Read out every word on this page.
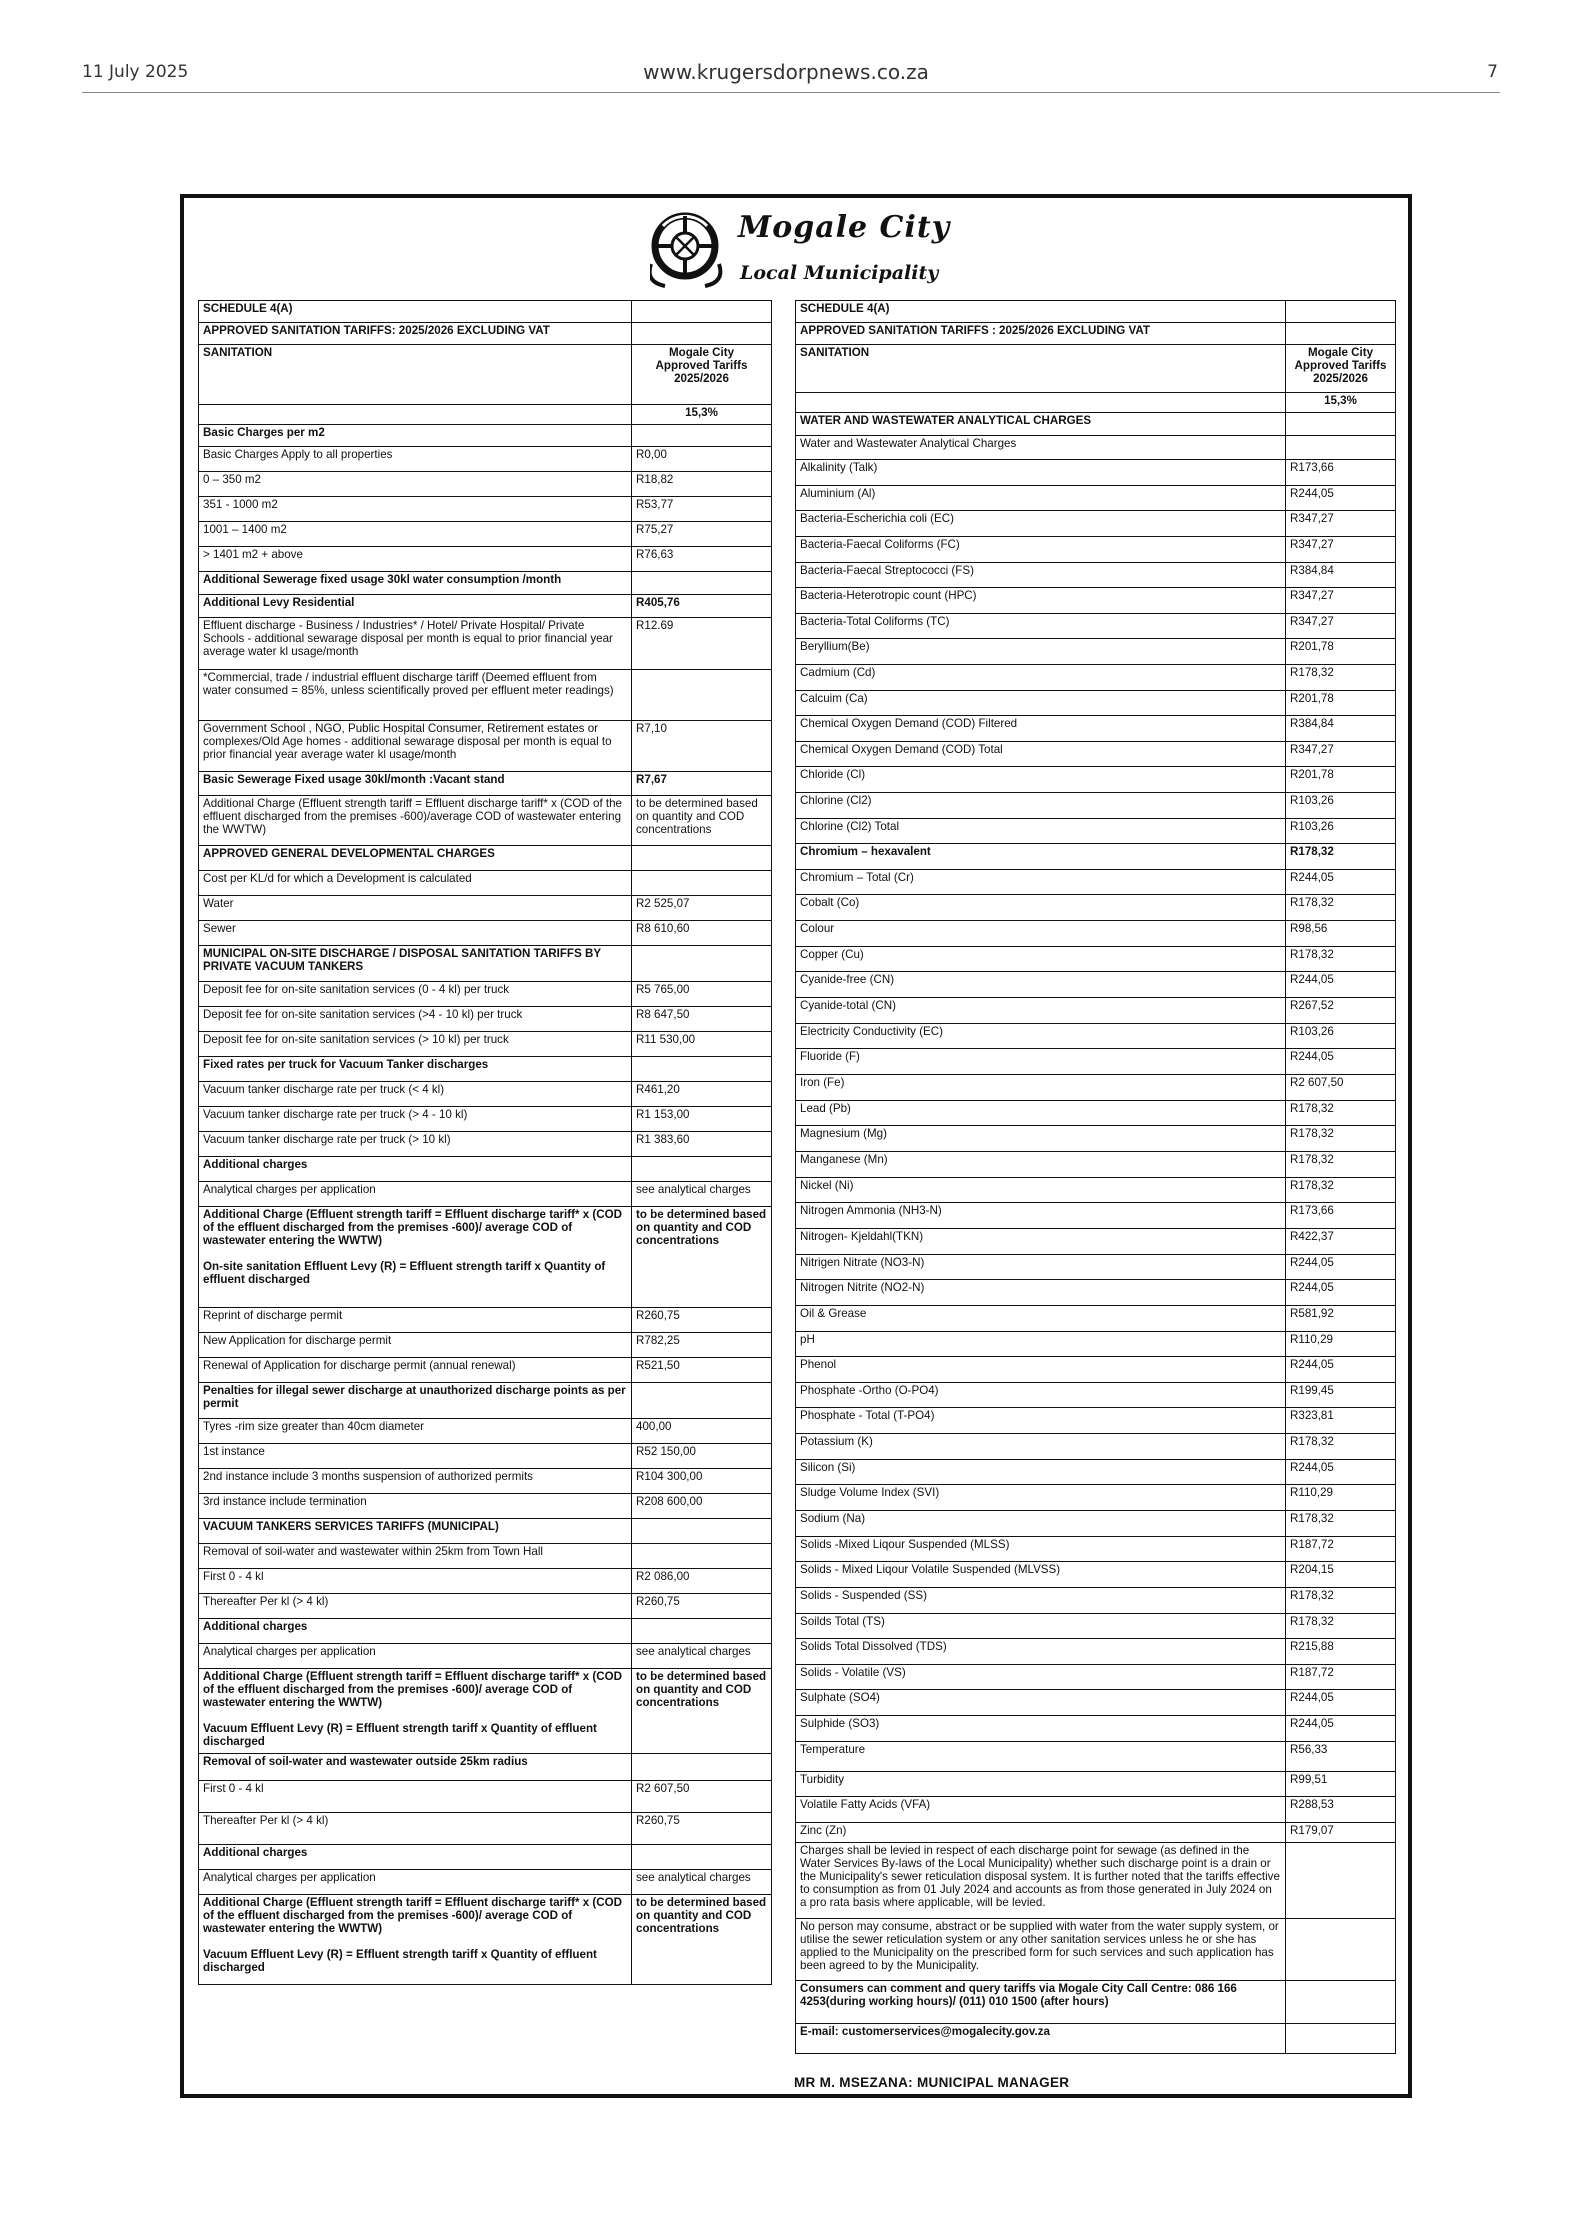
11 July 2025	www.krugersdorpnews.co.za	7
Mogale City
Local Municipality
SCHEDULE 4(A)	
APPROVED SANITATION TARIFFS: 2025/2026 EXCLUDING VAT	
SANITATION	Mogale City
Approved Tariffs
2025/2026
	15,3%
Basic Charges per m2	
Basic Charges Apply to all properties	R0,00
0 – 350 m2	R18,82
351 - 1000 m2	R53,77
1001 – 1400 m2	R75,27
> 1401 m2 + above	R76,63
Additional Sewerage fixed usage 30kl water consumption /month	
Additional Levy Residential	R405,76
Effluent discharge - Business / Industries* / Hotel/ Private Hospital/ Private Schools - additional sewarage disposal per month is equal to prior financial year average water kl usage/month	R12.69
*Commercial, trade / industrial effluent discharge tariff (Deemed effluent from water consumed = 85%, unless scientifically proved per effluent meter readings)	
Government School , NGO, Public Hospital Consumer, Retirement estates or complexes/Old Age homes - additional sewarage disposal per month is equal to prior financial year average water kl usage/month	R7,10
Basic Sewerage Fixed usage 30kl/month :Vacant stand	R7,67
Additional Charge (Effluent strength tariff = Effluent discharge tariff* x (COD of the effluent discharged from the premises -600)/average COD of wastewater entering the WWTW)	to be determined based on quantity and COD concentrations
APPROVED GENERAL DEVELOPMENTAL CHARGES	
Cost per KL/d for which a Development is calculated	
Water	R2 525,07
Sewer	R8 610,60
MUNICIPAL ON-SITE DISCHARGE / DISPOSAL SANITATION TARIFFS BY PRIVATE VACUUM TANKERS	
Deposit fee for on-site sanitation services (0 - 4 kl) per truck	R5 765,00
Deposit fee for on-site sanitation services (>4 - 10 kl) per truck	R8 647,50
Deposit fee for on-site sanitation services (> 10 kl) per truck	R11 530,00
Fixed rates per truck for Vacuum Tanker discharges	
Vacuum tanker discharge rate per truck (< 4 kl)	R461,20
Vacuum tanker discharge rate per truck (> 4 - 10 kl)	R1 153,00
Vacuum tanker discharge rate per truck (> 10 kl)	R1 383,60
Additional charges	
Analytical charges per application	see analytical charges
Additional Charge (Effluent strength tariff = Effluent discharge tariff* x (COD of the effluent discharged from the premises -600)/ average COD of wastewater entering the WWTW)

On-site sanitation Effluent Levy (R) = Effluent strength tariff x Quantity of effluent discharged	to be determined based on quantity and COD concentrations
Reprint of discharge permit	R260,75
New Application for discharge permit	R782,25
Renewal of Application for discharge permit (annual renewal)	R521,50
Penalties for illegal sewer discharge at unauthorized discharge points as per permit	
Tyres -rim size greater than 40cm diameter	400,00
1st instance	R52 150,00
2nd instance include 3 months suspension of authorized permits	R104 300,00
3rd instance include termination	R208 600,00
VACUUM TANKERS SERVICES TARIFFS (MUNICIPAL)	
Removal of soil-water and wastewater within 25km from Town Hall	
First 0 - 4 kl	R2 086,00
Thereafter Per kl (> 4 kl)	R260,75
Additional charges	
Analytical charges per application	see analytical charges
Additional Charge (Effluent strength tariff = Effluent discharge tariff* x (COD of the effluent discharged from the premises -600)/ average COD of wastewater entering the WWTW)

Vacuum Effluent Levy (R) = Effluent strength tariff x Quantity of effluent discharged	to be determined based on quantity and COD concentrations
Removal of soil-water and wastewater outside 25km radius	
First 0 - 4 kl	R2 607,50
Thereafter Per kl (> 4 kl)	R260,75
Additional charges	
Analytical charges per application	see analytical charges
Additional Charge (Effluent strength tariff = Effluent discharge tariff* x (COD of the effluent discharged from the premises -600)/ average COD of wastewater entering the WWTW)

Vacuum Effluent Levy (R) = Effluent strength tariff x Quantity of effluent discharged	to be determined based on quantity and COD concentrations
SCHEDULE 4(A)	
APPROVED SANITATION TARIFFS : 2025/2026 EXCLUDING VAT	
SANITATION	Mogale City
Approved Tariffs
2025/2026
	15,3%
WATER AND WASTEWATER ANALYTICAL CHARGES	
Water and Wastewater Analytical Charges	
Alkalinity (Talk)	R173,66
Aluminium (Al)	R244,05
Bacteria-Escherichia coli (EC)	R347,27
Bacteria-Faecal Coliforms (FC)	R347,27
Bacteria-Faecal Streptococci (FS)	R384,84
Bacteria-Heterotropic count (HPC)	R347,27
Bacteria-Total Coliforms (TC)	R347,27
Beryllium(Be)	R201,78
Cadmium (Cd)	R178,32
Calcuim (Ca)	R201,78
Chemical Oxygen Demand (COD) Filtered	R384,84
Chemical Oxygen Demand (COD) Total	R347,27
Chloride (Cl)	R201,78
Chlorine (Cl2)	R103,26
Chlorine (Cl2) Total	R103,26
Chromium – hexavalent	R178,32
Chromium – Total (Cr)	R244,05
Cobalt (Co)	R178,32
Colour	R98,56
Copper (Cu)	R178,32
Cyanide-free (CN)	R244,05
Cyanide-total (CN)	R267,52
Electricity Conductivity (EC)	R103,26
Fluoride (F)	R244,05
Iron (Fe)	R2 607,50
Lead (Pb)	R178,32
Magnesium (Mg)	R178,32
Manganese (Mn)	R178,32
Nickel (Ni)	R178,32
Nitrogen Ammonia (NH3-N)	R173,66
Nitrogen- Kjeldahl(TKN)	R422,37
Nitrigen Nitrate (NO3-N)	R244,05
Nitrogen Nitrite (NO2-N)	R244,05
Oil & Grease	R581,92
pH	R110,29
Phenol	R244,05
Phosphate -Ortho (O-PO4)	R199,45
Phosphate - Total (T-PO4)	R323,81
Potassium (K)	R178,32
Silicon (Si)	R244,05
Sludge Volume Index (SVI)	R110,29
Sodium (Na)	R178,32
Solids -Mixed Liqour Suspended (MLSS)	R187,72
Solids - Mixed Liqour Volatile Suspended (MLVSS)	R204,15
Solids - Suspended (SS)	R178,32
Soilds Total (TS)	R178,32
Solids Total Dissolved (TDS)	R215,88
Solids - Volatile (VS)	R187,72
Sulphate (SO4)	R244,05
Sulphide (SO3)	R244,05
Temperature	R56,33
Turbidity	R99,51
Volatile Fatty Acids (VFA)	R288,53
Zinc (Zn)	R179,07
Charges shall be levied in respect of each discharge point for sewage (as defined in the Water Services By-laws of the Local Municipality) whether such discharge point is a drain or the Municipality's sewer reticulation disposal system. It is further noted that the tariffs effective to consumption as from 01 July 2024 and accounts as from those generated in July 2024 on a pro rata basis where applicable, will be levied.	
No person may consume, abstract or be supplied with water from the water supply system, or utilise the sewer reticulation system or any other sanitation services unless he or she has applied to the Municipality on the prescribed form for such services and such application has been agreed to by the Municipality.	
Consumers can comment and query tariffs via Mogale City Call Centre: 086 166 4253(during working hours)/ (011) 010 1500 (after hours)	
E-mail: customerservices@mogalecity.gov.za	
MR M. MSEZANA: MUNICIPAL MANAGER
